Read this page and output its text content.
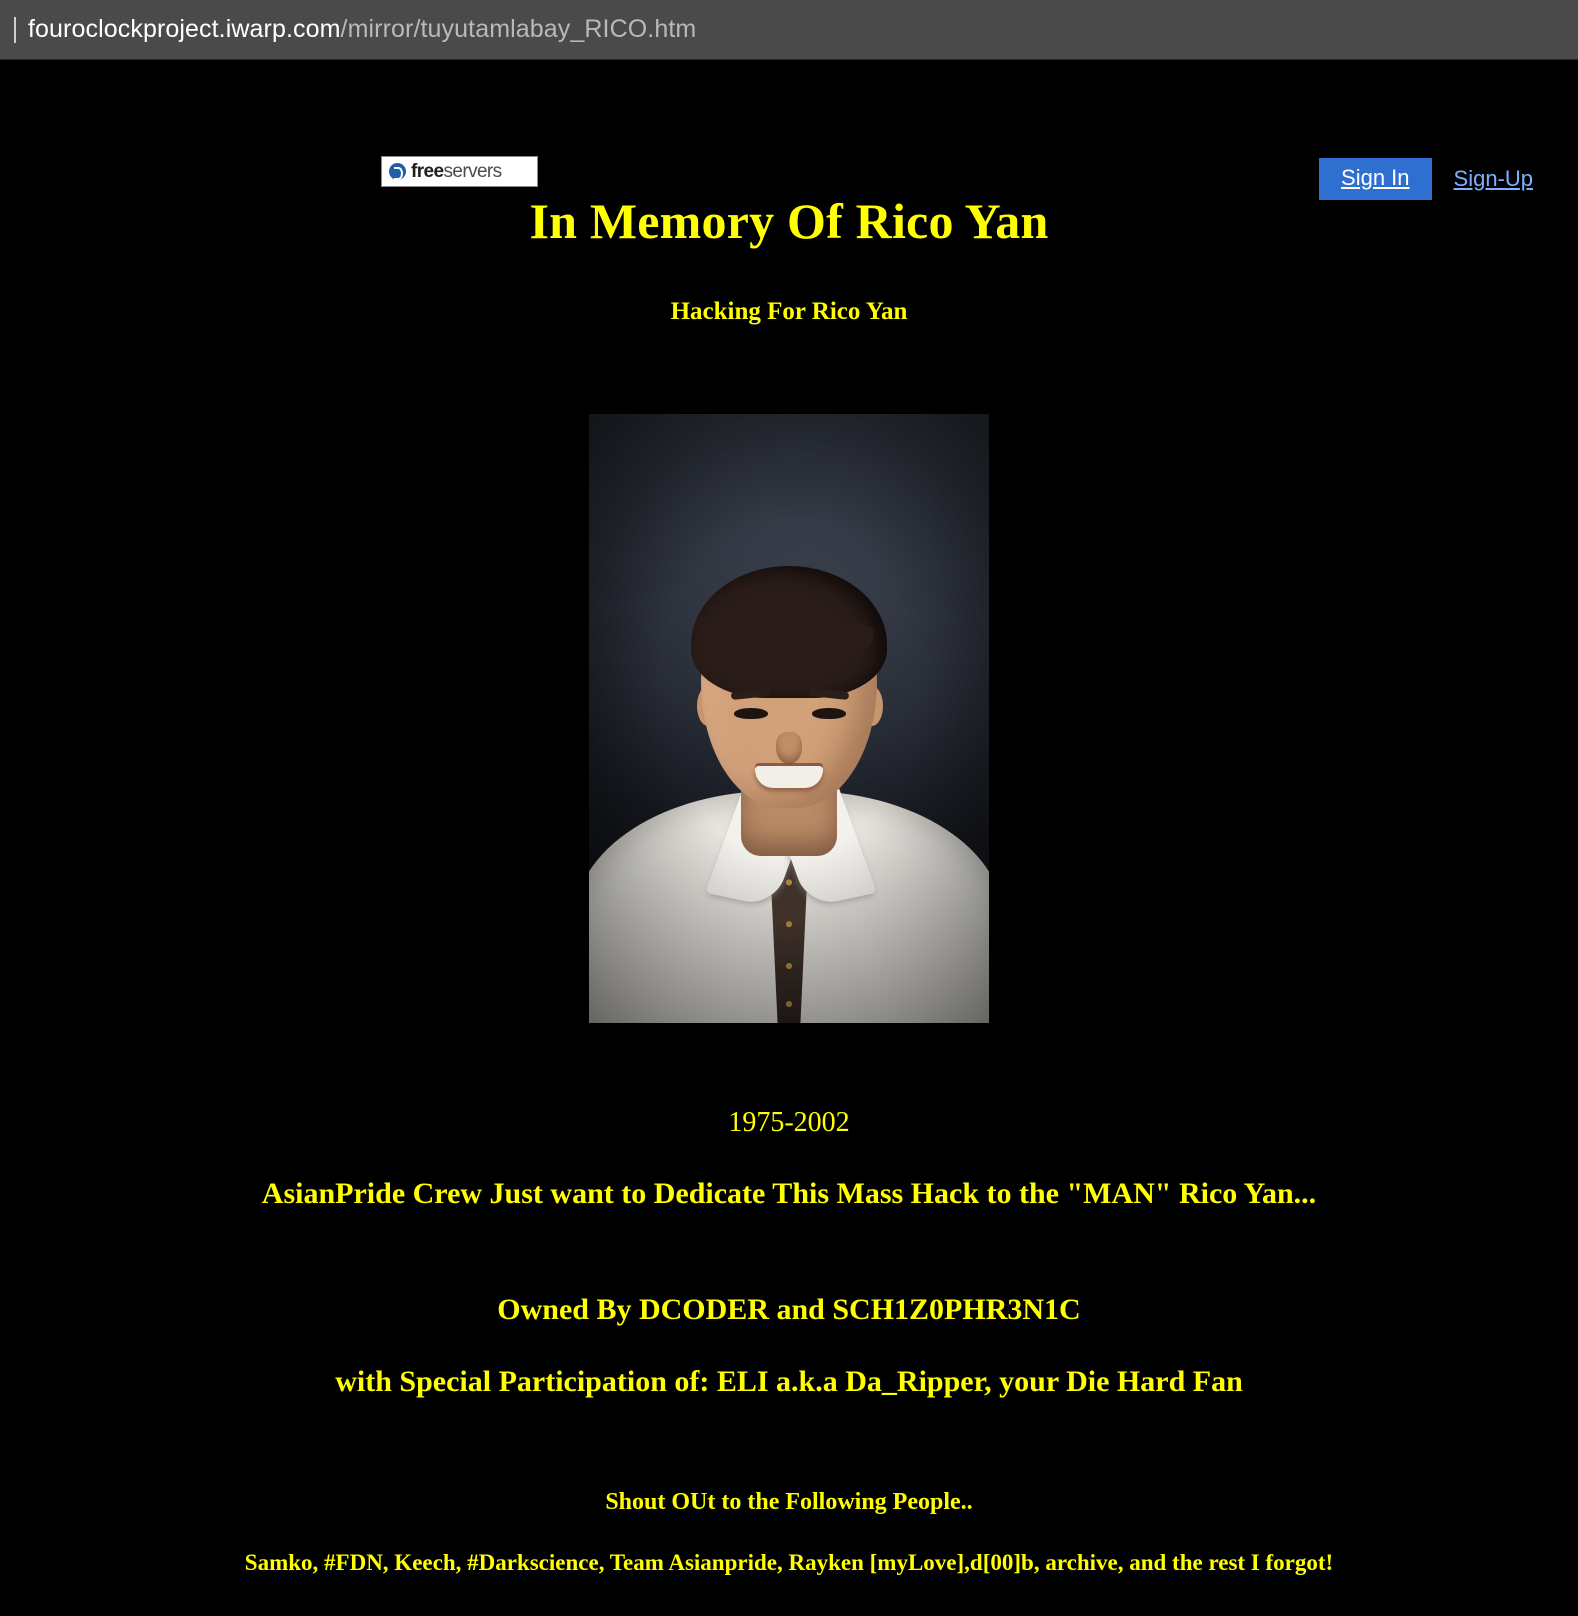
fouroclockproject.iwarp.com/mirror/tuyutamlabay_RICO.htm
freeservers	Sign In	Sign-Up
In Memory Of Rico Yan
Hacking For Rico Yan
1975-2002
AsianPride Crew Just want to Dedicate This Mass Hack to the "MAN" Rico Yan...
Owned By DCODER and SCH1Z0PHR3N1C
with Special Participation of: ELI a.k.a Da_Ripper, your Die Hard Fan
Shout OUt to the Following People..
Samko, #FDN, Keech, #Darkscience, Team Asianpride, Rayken [myLove],d[00]b, archive, and the rest I forgot!
